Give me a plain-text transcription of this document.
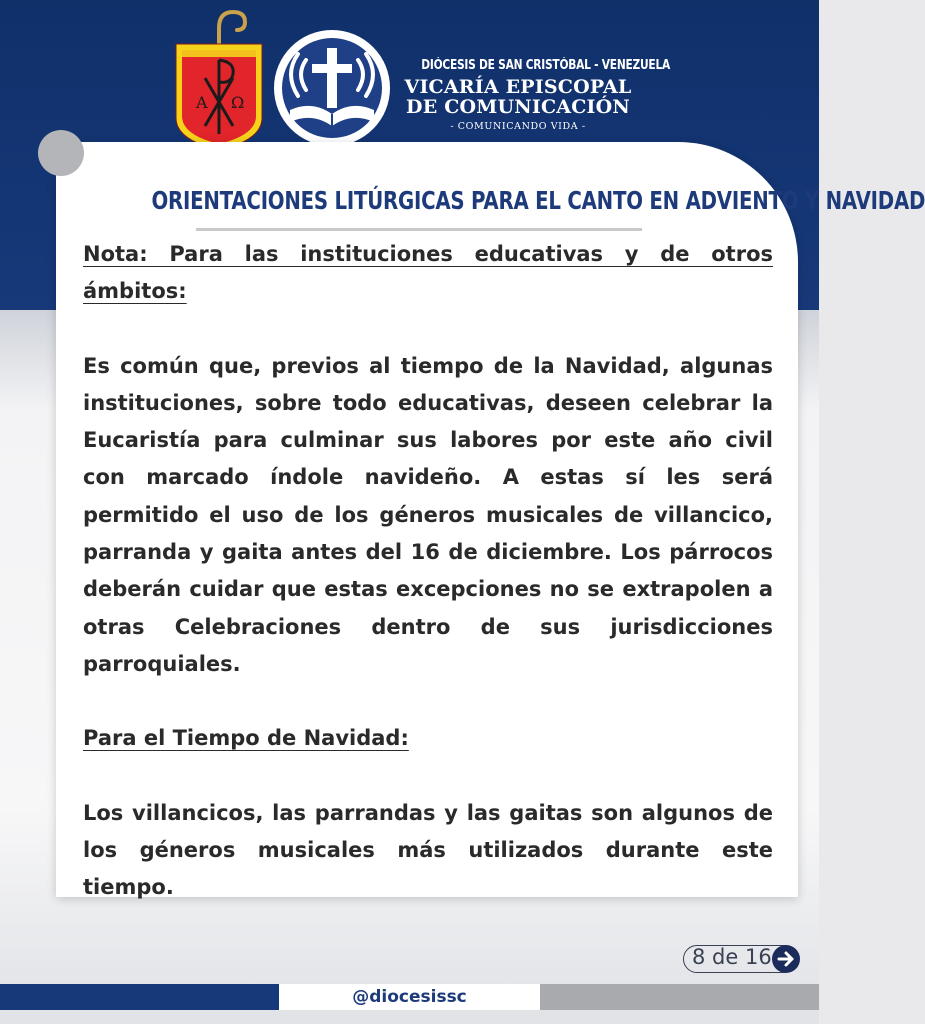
A Ω
DIÓCESIS DE SAN CRISTÓBAL - VENEZUELA
VICARÍA EPISCOPAL
DE COMUNICACIÓN
- COMUNICANDO VIDA -
ORIENTACIONES LITÚRGICAS PARA EL CANTO EN ADVIENTO Y NAVIDAD

Nota: Para las instituciones educativas y de otros ámbitos:

Es común que, previos al tiempo de la Navidad, algunas instituciones, sobre todo educativas, deseen celebrar la Eucaristía para culminar sus labores por este año civil con marcado índole navideño. A estas sí les será permitido el uso de los géneros musicales de villancico, parranda y gaita antes del 16 de diciembre. Los párrocos deberán cuidar que estas excepciones no se extrapolen a otras Celebraciones dentro de sus jurisdicciones parroquiales.

Para el Tiempo de Navidad:

Los villancicos, las parrandas y las gaitas son algunos de los géneros musicales más utilizados durante este tiempo.

8 de 16
@diocesissc
